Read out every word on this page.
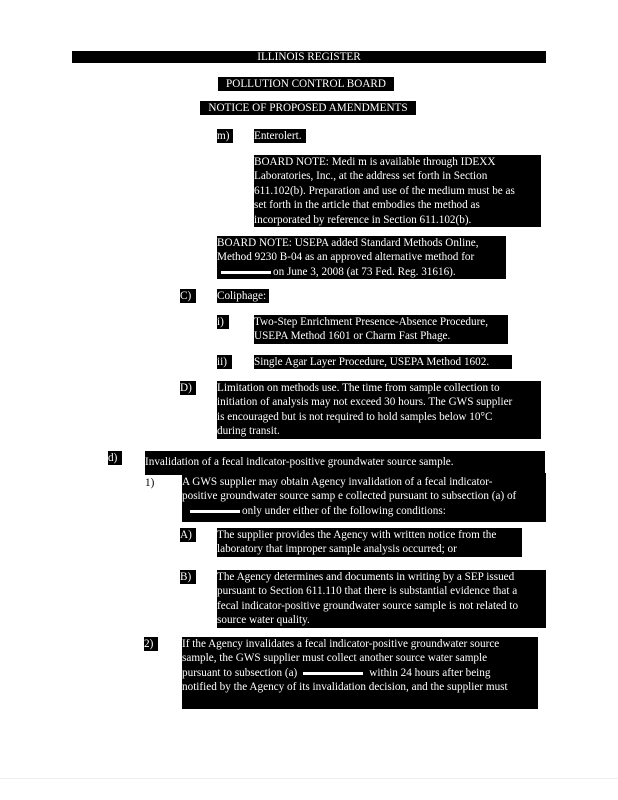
ILLINOIS REGISTER
POLLUTION CONTROL BOARD
NOTICE OF PROPOSED AMENDMENTS
m)	Enterolert.
BOARD NOTE: Medi m is available through IDEXX
Laboratories, Inc., at the address set forth in Section
611.102(b). Preparation and use of the medium must be as
set forth in the article that embodies the method as
incorporated by reference in Section 611.102(b).
BOARD NOTE: USEPA added Standard Methods Online,
Method 9230 B-04 as an approved alternative method for
on June 3, 2008 (at 73 Fed. Reg. 31616).
C)	Coliphage:
i)	Two-Step Enrichment Presence-Absence Procedure,
USEPA Method 1601 or Charm Fast Phage.
ii)	Single Agar Layer Procedure, USEPA Method 1602.
D)	Limitation on methods use. The time from sample collection to
initiation of analysis may not exceed 30 hours. The GWS supplier
is encouraged but is not required to hold samples below 10°C
during transit.
d)	Invalidation of a fecal indicator-positive groundwater source sample.
1) A GWS supplier may obtain Agency invalidation of a fecal indicator-
positive groundwater source samp e collected pursuant to subsection (a) of
only under either of the following conditions:
A)	The supplier provides the Agency with written notice from the
laboratory that improper sample analysis occurred; or
B)	The Agency determines and documents in writing by a SEP issued
pursuant to Section 611.110 that there is substantial evidence that a
fecal indicator-positive groundwater source sample is not related to
source water quality.
2)	If the Agency invalidates a fecal indicator-positive groundwater source
sample, the GWS supplier must collect another source water sample
pursuant to subsection (a)	within 24 hours after being
notified by the Agency of its invalidation decision, and the supplier must
